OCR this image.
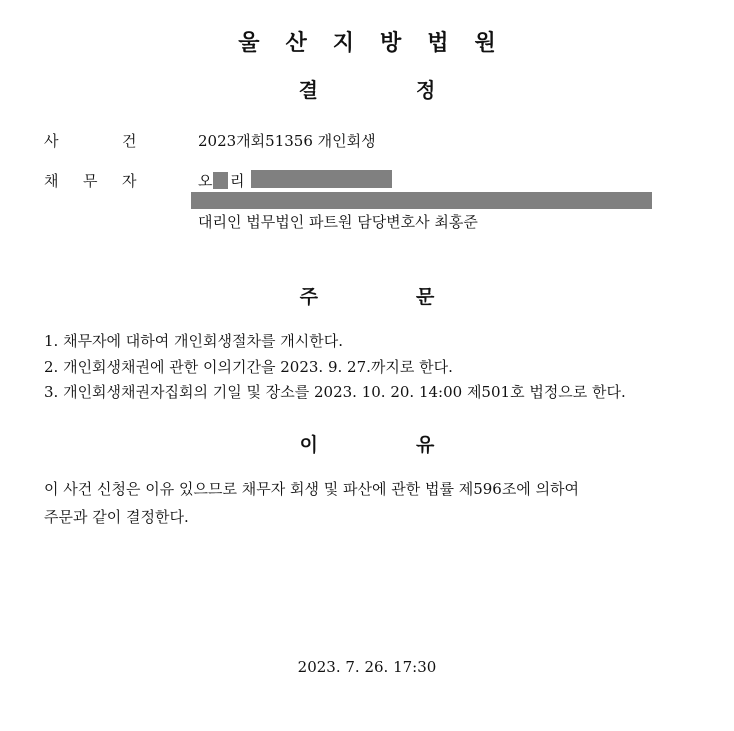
울산지방법원
결	정
사	건	2023개회51356 개인회생
채 무 자	오 리
대리인 법무법인 파트원 담당변호사 최홍준
주	문
1. 채무자에 대하여 개인회생절차를 개시한다.
2. 개인회생채권에 관한 이의기간을 2023. 9. 27.까지로 한다.
3. 개인회생채권자집회의 기일 및 장소를 2023. 10. 20. 14:00 제501호 법정으로 한다.
이	유
이 사건 신청은 이유 있으므로 채무자 회생 및 파산에 관한 법률 제596조에 의하여
주문과 같이 결정한다.
2023. 7. 26. 17:30
